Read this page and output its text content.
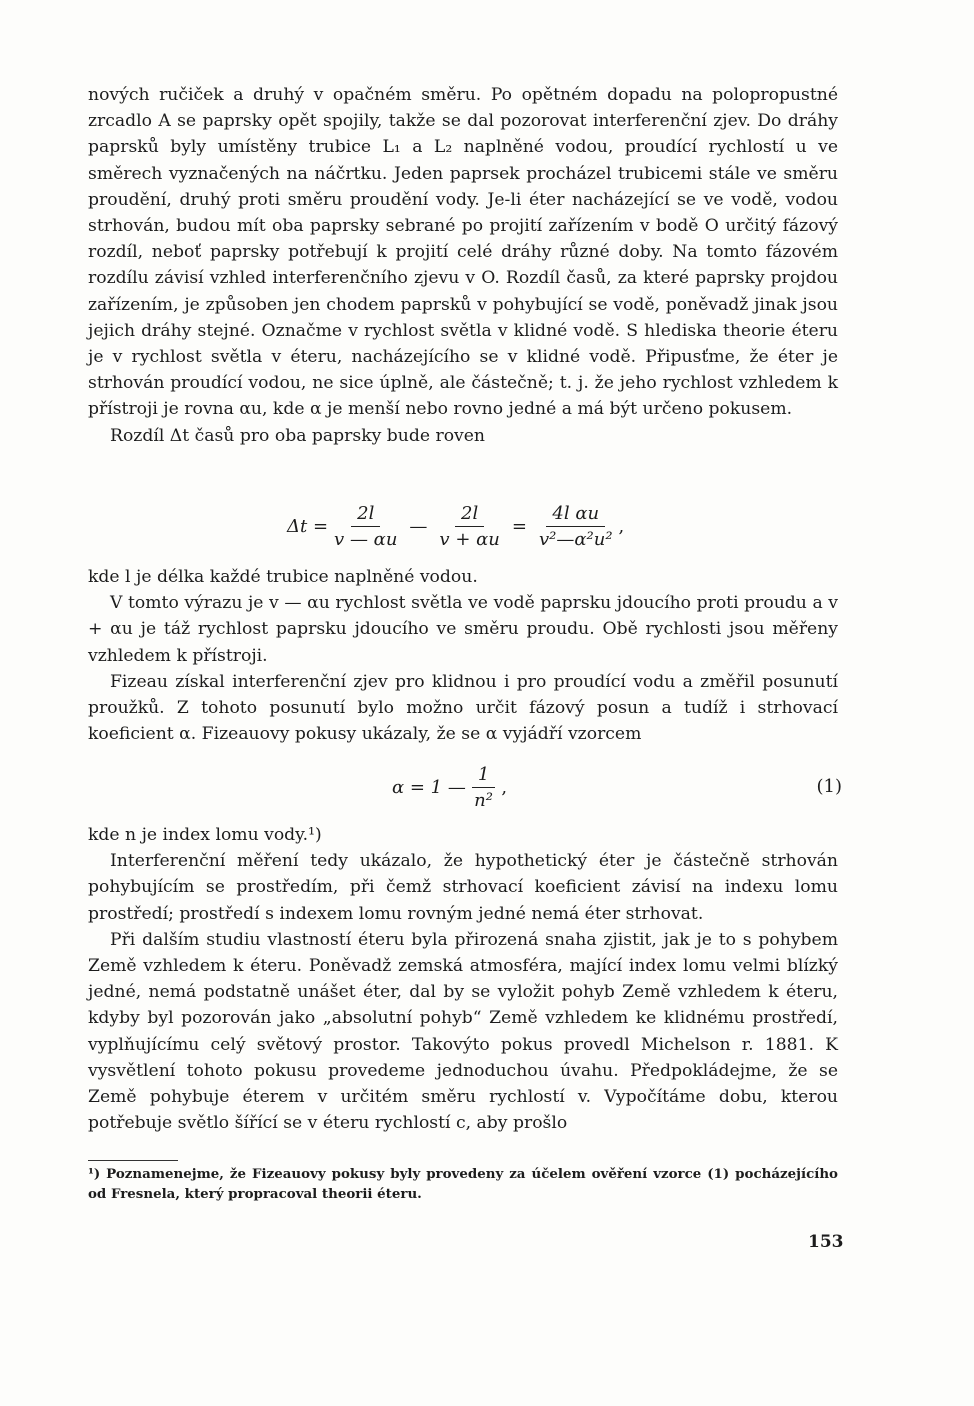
nových ručiček a druhý v opačném směru. Po opětném dopadu na polopropustné zrcadlo A se paprsky opět spojily, takže se dal pozorovat interferenční zjev. Do dráhy paprsků byly umístěny trubice L₁ a L₂ naplněné vodou, proudící rychlostí u ve směrech vyznačených na náčrtku. Jeden paprsek procházel trubicemi stále ve směru proudění, druhý proti směru proudění vody. Je-li éter nacházející se ve vodě, vodou strhován, budou mít oba paprsky sebrané po projití zařízením v bodě O určitý fázový rozdíl, neboť paprsky potřebují k projití celé dráhy různé doby. Na tomto fázovém rozdílu závisí vzhled interferenčního zjevu v O. Rozdíl časů, za které paprsky projdou zařízením, je způsoben jen chodem paprsků v pohybující se vodě, poněvadž jinak jsou jejich dráhy stejné. Označme v rychlost světla v klidné vodě. S hlediska theorie éteru je v rychlost světla v éteru, nacházejícího se v klidné vodě. Připusťme, že éter je strhován proudící vodou, ne sice úplně, ale částečně; t. j. že jeho rychlost vzhledem k přístroji je rovna αu, kde α je menší nebo rovno jedné a má být určeno pokusem.

Rozdíl Δt časů pro oba paprsky bude roven

$\Delta t = \frac{2l}{v — \alpha u}$ — $\frac{2l}{v + \alpha u} = \frac{\text{4l αu}}{\text{v²—α²u²}}$ ,

kde l je délka každé trubice naplněné vodou.

V tomto výrazu je v — αu rychlost světla ve vodě paprsku jdoucího proti proudu a v + αu je táž rychlost paprsku jdoucího ve směru proudu. Obě rychlosti jsou měřeny vzhledem k přístroji.

Fizeau získal interferenční zjev pro klidnou i pro proudící vodu a změřil posunutí proužků. Z tohoto posunutí bylo možno určit fázový posun a tudíž i strhovací koeficient α. Fizeauovy pokusy ukázaly, že se α vyjádří vzorcem

α = 1 — $\frac{1}{\text{n²}}$ ,	(1)

kde n je index lomu vody.¹)

Interferenční měření tedy ukázalo, že hypothetický éter je částečně strhován pohybujícím se prostředím, při čemž strhovací koeficient závisí na indexu lomu prostředí; prostředí s indexem lomu rovným jedné nemá éter strhovat.

Při dalším studiu vlastností éteru byla přirozená snaha zjistit, jak je to s pohybem Země vzhledem k éteru. Poněvadž zemská atmosféra, mající index lomu velmi blízký jedné, nemá podstatně unášet éter, dal by se vyložit pohyb Země vzhledem k éteru, kdyby byl pozorován jako „absolutní pohyb“ Země vzhledem ke klidnému prostředí, vyplňujícímu celý světový prostor. Takovýto pokus provedl Michelson r. 1881. K vysvětlení tohoto pokusu provedeme jednoduchou úvahu. Předpokládejme, že se Země pohybuje éterem v určitém směru rychlostí v. Vypočítáme dobu, kterou potřebuje světlo šířící se v éteru rychlostí c, aby prošlo

¹) Poznamenejme, že Fizeauovy pokusy byly provedeny za účelem ověření vzorce (1) pocházejícího od Fresnela, který propracoval theorii éteru.
153
